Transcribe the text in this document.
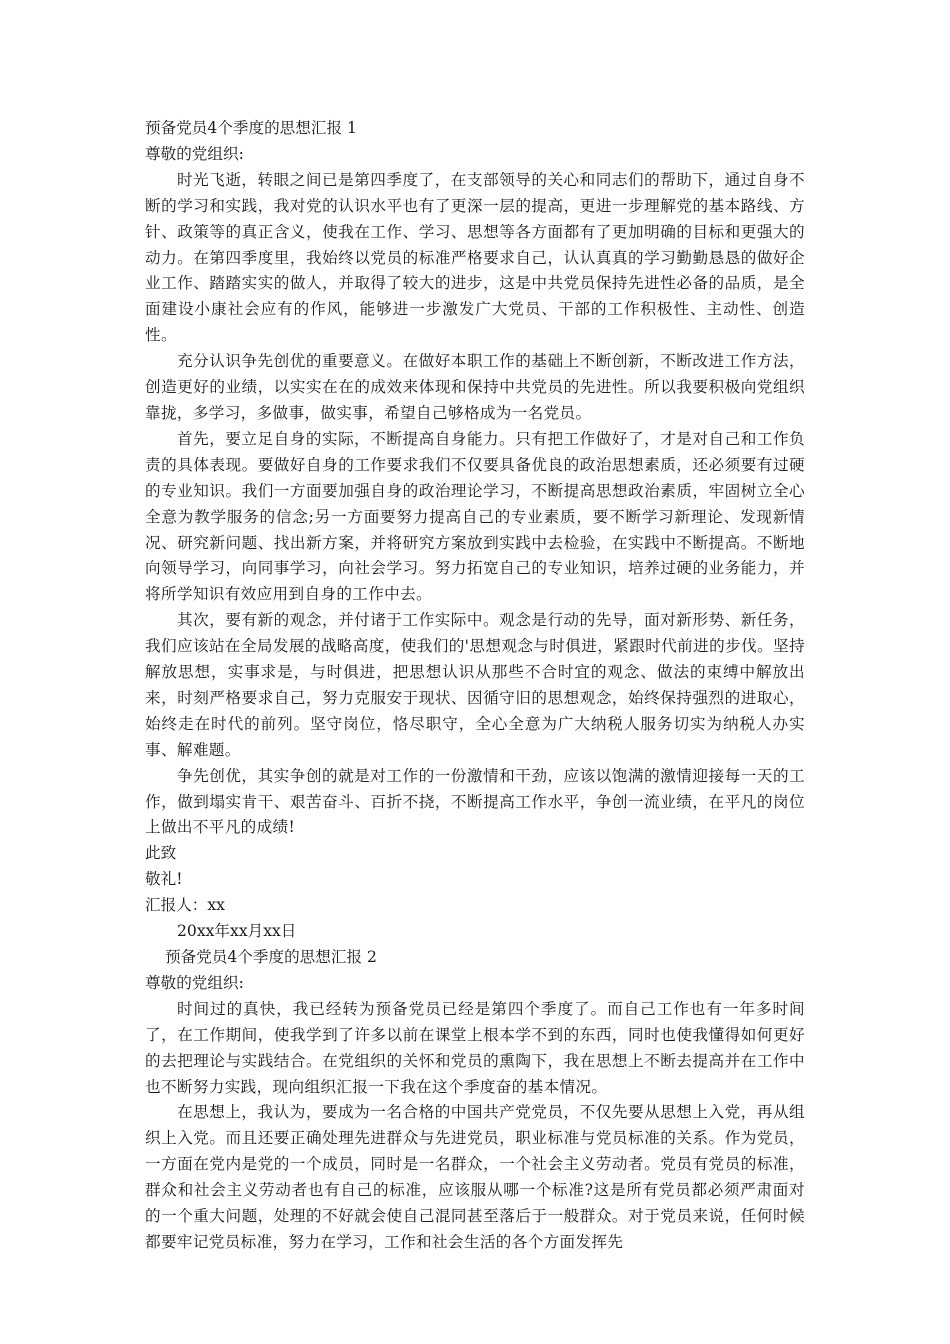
预备党员4个季度的思想汇报 1

尊敬的党组织:

时光飞逝，转眼之间已是第四季度了，在支部领导的关心和同志们的帮助下，通过自身不断的学习和实践，我对党的认识水平也有了更深一层的提高，更进一步理解党的基本路线、方针、政策等的真正含义，使我在工作、学习、思想等各方面都有了更加明确的目标和更强大的动力。在第四季度里，我始终以党员的标准严格要求自己，认认真真的学习勤勤恳恳的做好企业工作、踏踏实实的做人，并取得了较大的进步，这是中共党员保持先进性必备的品质，是全面建设小康社会应有的作风，能够进一步激发广大党员、干部的工作积极性、主动性、创造性。

充分认识争先创优的重要意义。在做好本职工作的基础上不断创新，不断改进工作方法，创造更好的业绩，以实实在在的成效来体现和保持中共党员的先进性。所以我要积极向党组织靠拢，多学习，多做事，做实事，希望自己够格成为一名党员。

首先，要立足自身的实际，不断提高自身能力。只有把工作做好了，才是对自己和工作负责的具体表现。要做好自身的工作要求我们不仅要具备优良的政治思想素质，还必须要有过硬的专业知识。我们一方面要加强自身的政治理论学习，不断提高思想政治素质，牢固树立全心全意为教学服务的信念;另一方面要努力提高自己的专业素质，要不断学习新理论、发现新情况、研究新问题、找出新方案，并将研究方案放到实践中去检验，在实践中不断提高。不断地向领导学习，向同事学习，向社会学习。努力拓宽自己的专业知识，培养过硬的业务能力，并将所学知识有效应用到自身的工作中去。

其次，要有新的观念，并付诸于工作实际中。观念是行动的先导，面对新形势、新任务，我们应该站在全局发展的战略高度，使我们的'思想观念与时俱进，紧跟时代前进的步伐。坚持解放思想，实事求是，与时俱进，把思想认识从那些不合时宜的观念、做法的束缚中解放出来，时刻严格要求自己，努力克服安于现状、因循守旧的思想观念，始终保持强烈的进取心，始终走在时代的前列。坚守岗位，恪尽职守，全心全意为广大纳税人服务切实为纳税人办实事、解难题。

争先创优，其实争创的就是对工作的一份激情和干劲，应该以饱满的激情迎接每一天的工作，做到塌实肯干、艰苦奋斗、百折不挠，不断提高工作水平，争创一流业绩，在平凡的岗位上做出不平凡的成绩!

此致

敬礼!

汇报人：xx

20xx年xx月xx日

预备党员4个季度的思想汇报 2

尊敬的党组织:

时间过的真快，我已经转为预备党员已经是第四个季度了。而自己工作也有一年多时间了，在工作期间，使我学到了许多以前在课堂上根本学不到的东西，同时也使我懂得如何更好的去把理论与实践结合。在党组织的关怀和党员的熏陶下，我在思想上不断去提高并在工作中也不断努力实践，现向组织汇报一下我在这个季度奋的基本情况。

在思想上，我认为，要成为一名合格的中国共产党党员，不仅先要从思想上入党，再从组织上入党。而且还要正确处理先进群众与先进党员，职业标准与党员标准的关系。作为党员，一方面在党内是党的一个成员，同时是一名群众，一个社会主义劳动者。党员有党员的标准，群众和社会主义劳动者也有自己的标准，应该服从哪一个标准?这是所有党员都必须严肃面对的一个重大问题，处理的不好就会使自己混同甚至落后于一般群众。对于党员来说，任何时候都要牢记党员标准，努力在学习，工作和社会生活的各个方面发挥先
